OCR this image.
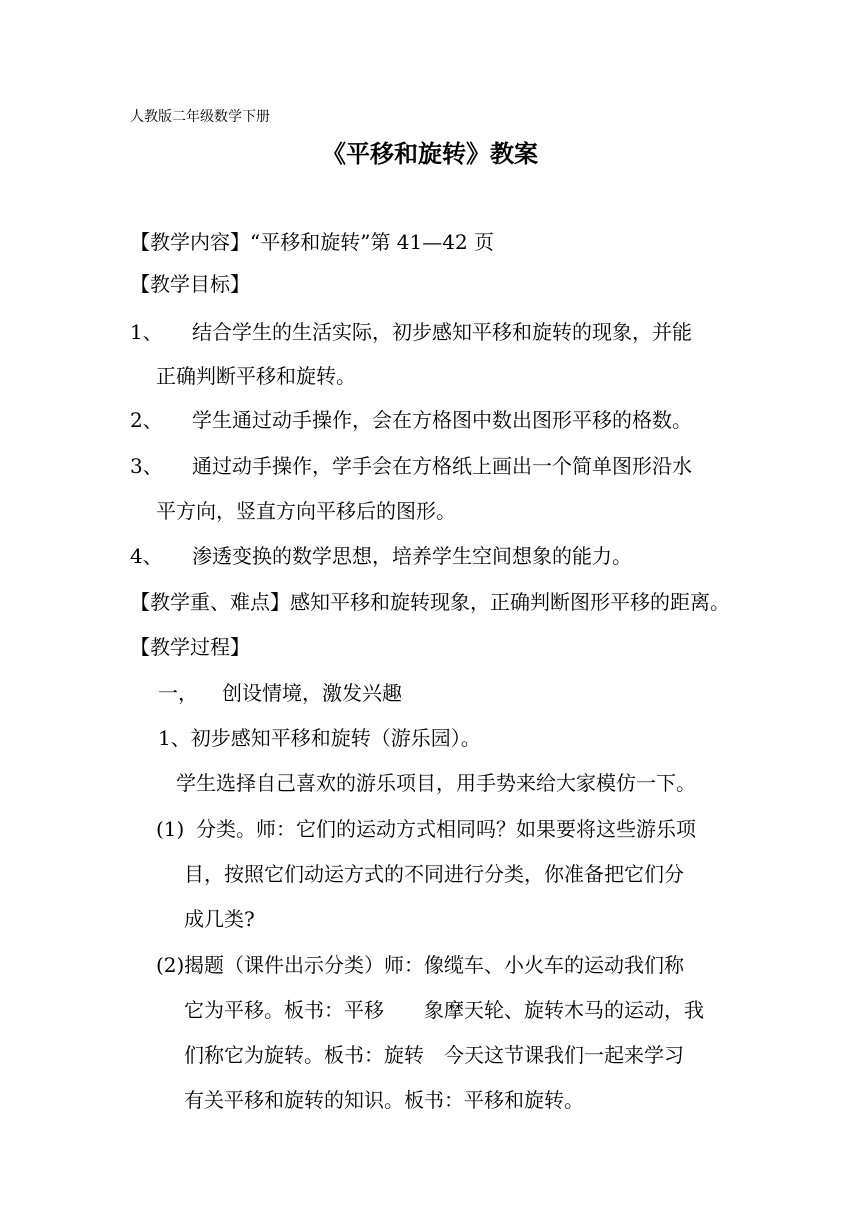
人教版二年级数学下册
《平移和旋转》教案
【教学内容】“平移和旋转”第 41—42 页
【教学目标】
1、 结合学生的生活实际，初步感知平移和旋转的现象，并能
正确判断平移和旋转。
2、 学生通过动手操作，会在方格图中数出图形平移的格数。
3、 通过动手操作，学手会在方格纸上画出一个简单图形沿水
平方向，竖直方向平移后的图形。
4、 渗透变换的数学思想，培养学生空间想象的能力。
【教学重、难点】感知平移和旋转现象，正确判断图形平移的距离。
【教学过程】
一， 创设情境，激发兴趣
1、初步感知平移和旋转（游乐园）。
学生选择自己喜欢的游乐项目，用手势来给大家模仿一下。
(1) 分类。师：它们的运动方式相同吗？如果要将这些游乐项
目，按照它们动运方式的不同进行分类，你准备把它们分
成几类?
(2) 揭题（课件出示分类）师：像缆车、小火车的运动我们称
它为平移。板书：平移　　象摩天轮、旋转木马的运动，我
们称它为旋转。板书：旋转　今天这节课我们一起来学习
有关平移和旋转的知识。板书：平移和旋转。
